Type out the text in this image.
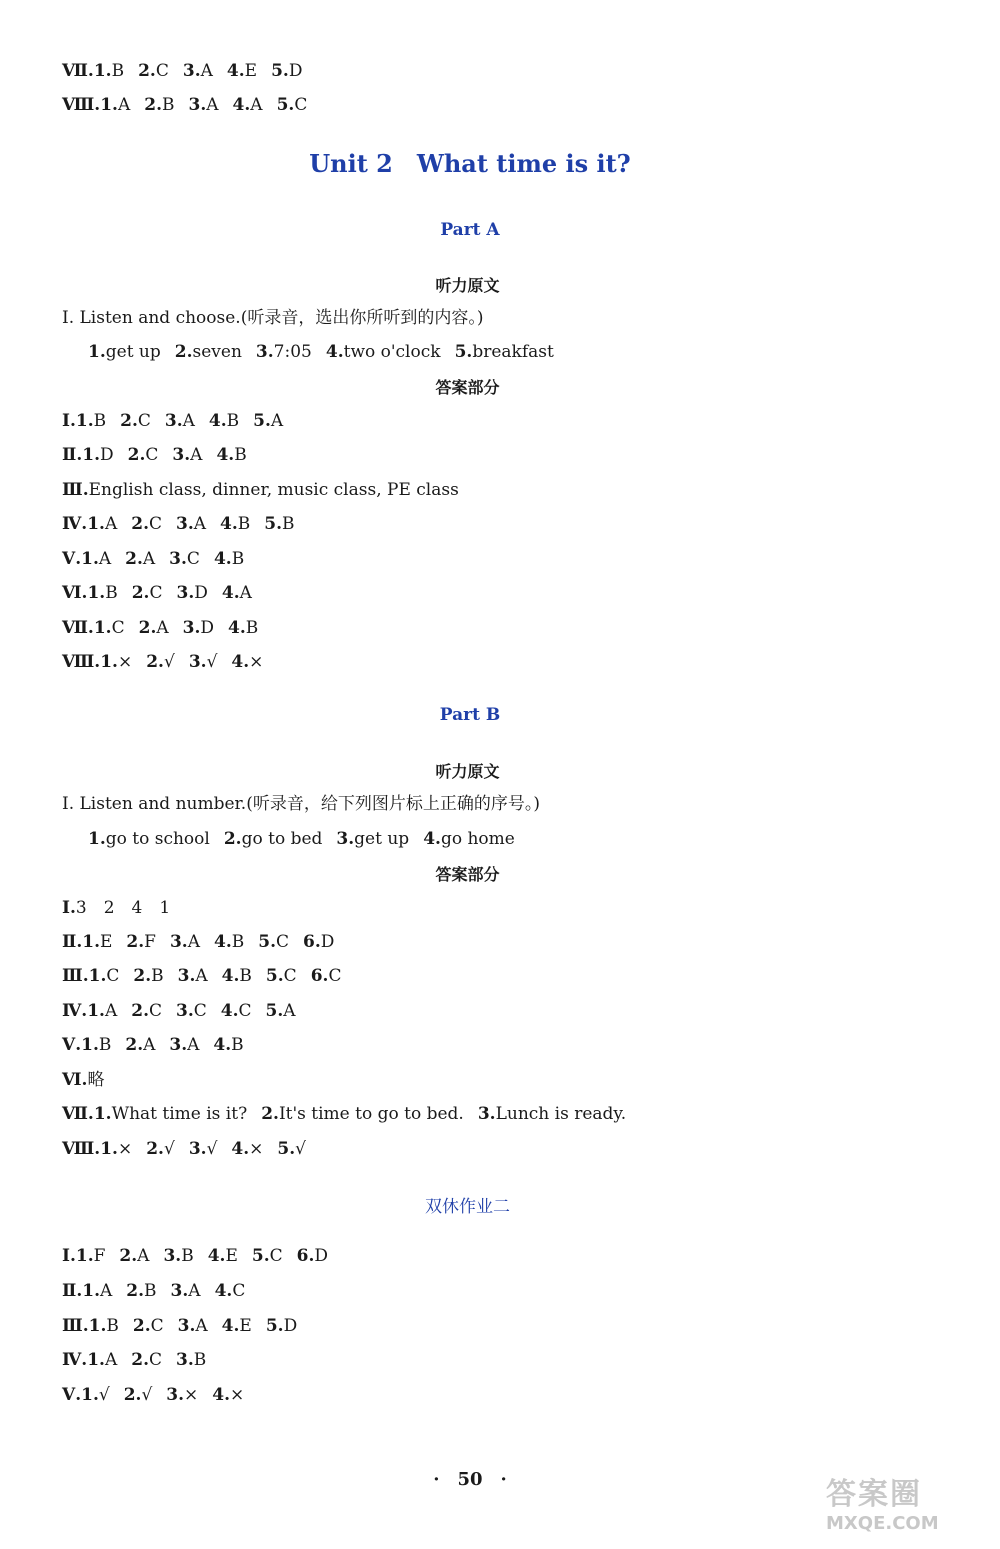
Ⅶ.1.B 2.C 3.A 4.E 5.D
Ⅷ.1.A 2.B 3.A 4.A 5.C
Unit 2　What time is it?
Part A
听力原文
Ⅰ. Listen and choose.(听录音，选出你所听到的内容。)
1.get up 2.seven 3.7:05 4.two o'clock 5.breakfast
答案部分
Ⅰ.1.B 2.C 3.A 4.B 5.A
Ⅱ.1.D 2.C 3.A 4.B
Ⅲ.English class, dinner, music class, PE class
Ⅳ.1.A 2.C 3.A 4.B 5.B
Ⅴ.1.A 2.A 3.C 4.B
Ⅵ.1.B 2.C 3.D 4.A
Ⅶ.1.C 2.A 3.D 4.B
Ⅷ.1.× 2.√ 3.√ 4.×
Part B
听力原文
Ⅰ. Listen and number.(听录音，给下列图片标上正确的序号。)
1.go to school 2.go to bed 3.get up 4.go home
答案部分
Ⅰ.3　2　4　1
Ⅱ.1.E 2.F 3.A 4.B 5.C 6.D
Ⅲ.1.C 2.B 3.A 4.B 5.C 6.C
Ⅳ.1.A 2.C 3.C 4.C 5.A
Ⅴ.1.B 2.A 3.A 4.B
Ⅵ.略
Ⅶ.1.What time is it? 2.It's time to go to bed. 3.Lunch is ready.
Ⅷ.1.× 2.√ 3.√ 4.× 5.√
双休作业二
Ⅰ.1.F 2.A 3.B 4.E 5.C 6.D
Ⅱ.1.A 2.B 3.A 4.C
Ⅲ.1.B 2.C 3.A 4.E 5.D
Ⅳ.1.A 2.C 3.B
Ⅴ.1.√ 2.√ 3.× 4.×
·　50　·	答案圈
MXQE.COM
